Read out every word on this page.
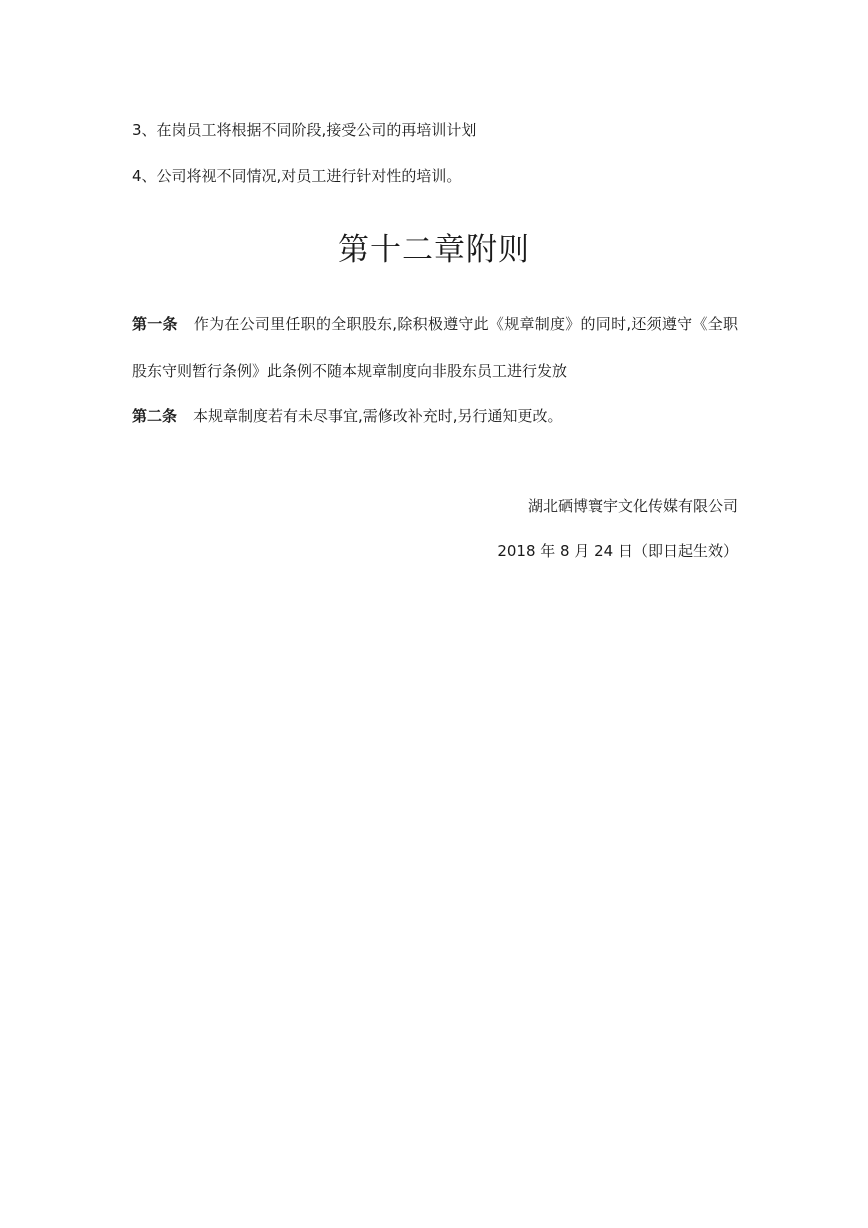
3、在岗员工将根据不同阶段,接受公司的再培训计划
4、公司将视不同情况,对员工进行针对性的培训。
第十二章附则
第一条 作为在公司里任职的全职股东,除积极遵守此《规章制度》的同时,还须遵守《全职股东守则暂行条例》此条例不随本规章制度向非股东员工进行发放
第二条 本规章制度若有未尽事宜,需修改补充时,另行通知更改。
湖北硒博寰宇文化传媒有限公司
2018 年 8 月 24 日（即日起生效）
